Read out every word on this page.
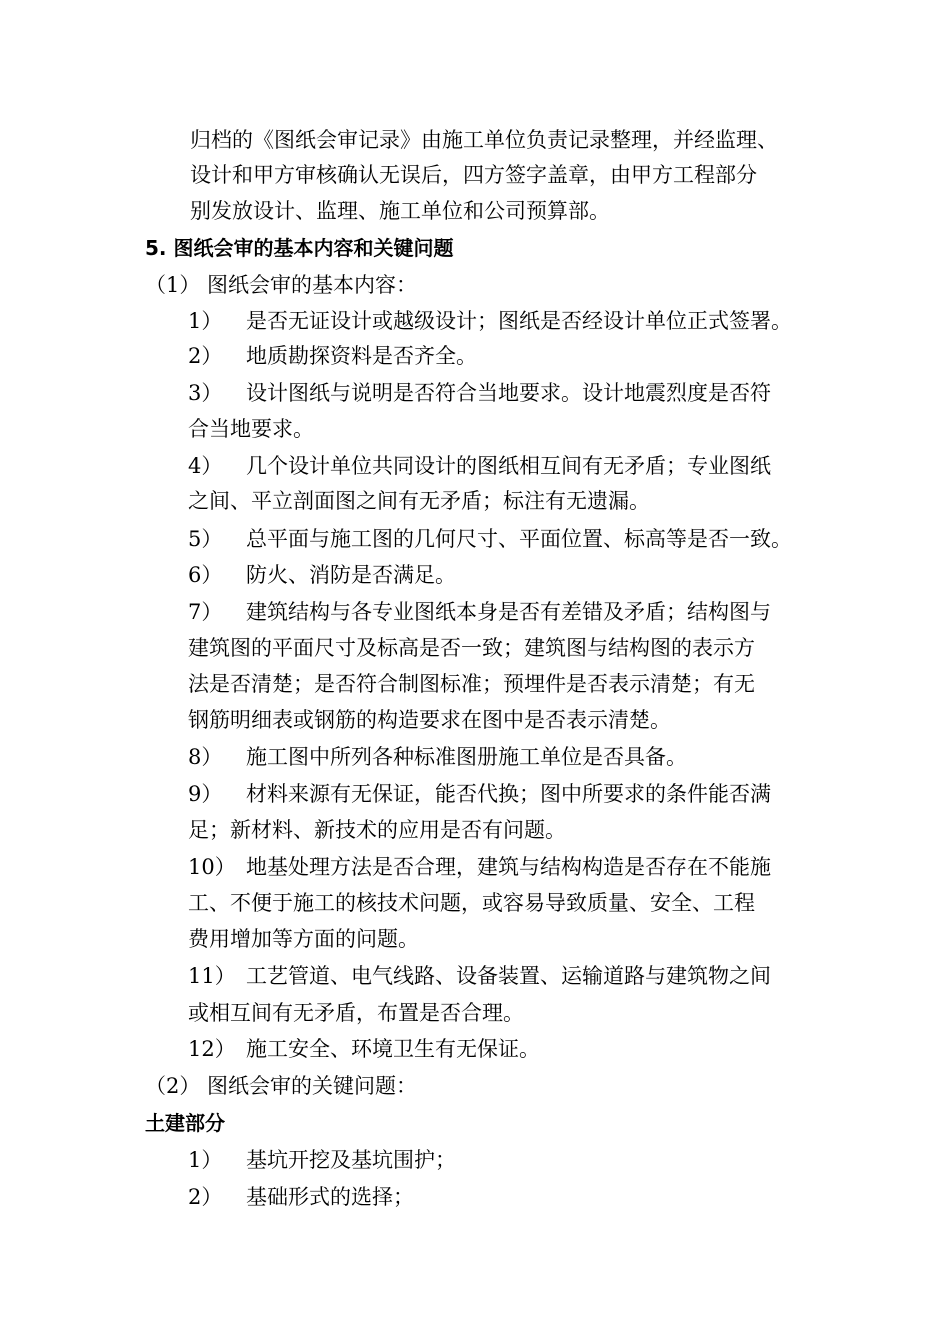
归档的《图纸会审记录》由施工单位负责记录整理，并经监理、
设计和甲方审核确认无误后，四方签字盖章，由甲方工程部分
别发放设计、监理、施工单位和公司预算部。
5. 图纸会审的基本内容和关键问题
（1） 图纸会审的基本内容：
1） 是否无证设计或越级设计；图纸是否经设计单位正式签署。
2） 地质勘探资料是否齐全。
3） 设计图纸与说明是否符合当地要求。设计地震烈度是否符
合当地要求。
4） 几个设计单位共同设计的图纸相互间有无矛盾；专业图纸
之间、平立剖面图之间有无矛盾；标注有无遗漏。
5） 总平面与施工图的几何尺寸、平面位置、标高等是否一致。
6） 防火、消防是否满足。
7） 建筑结构与各专业图纸本身是否有差错及矛盾；结构图与
建筑图的平面尺寸及标高是否一致；建筑图与结构图的表示方
法是否清楚；是否符合制图标准；预埋件是否表示清楚；有无
钢筋明细表或钢筋的构造要求在图中是否表示清楚。
8） 施工图中所列各种标准图册施工单位是否具备。
9） 材料来源有无保证，能否代换；图中所要求的条件能否满
足；新材料、新技术的应用是否有问题。
10） 地基处理方法是否合理，建筑与结构构造是否存在不能施
工、不便于施工的核技术问题，或容易导致质量、安全、工程
费用增加等方面的问题。
11） 工艺管道、电气线路、设备装置、运输道路与建筑物之间
或相互间有无矛盾，布置是否合理。
12） 施工安全、环境卫生有无保证。
（2） 图纸会审的关键问题：
土建部分
1） 基坑开挖及基坑围护；
2） 基础形式的选择；
